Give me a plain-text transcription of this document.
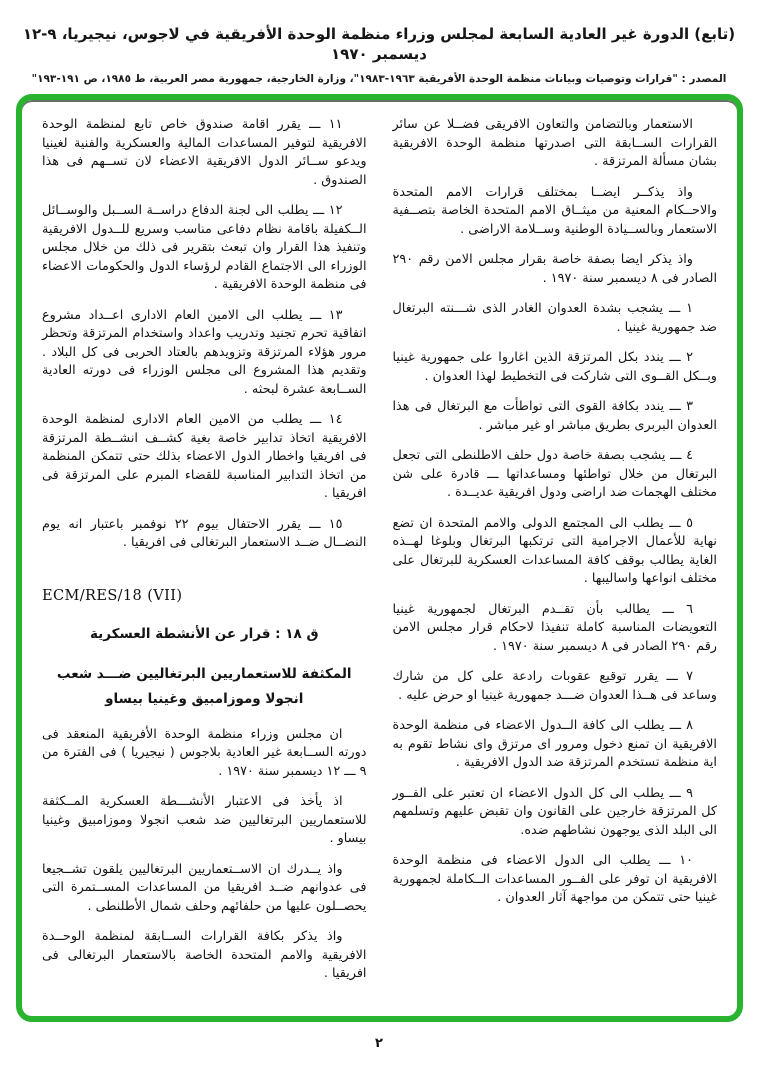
(تابع) الدورة غير العادية السابعة لمجلس وزراء منظمة الوحدة الأفريقية في لاجوس، نيجيريا، ٩-١٢ ديسمبر ١٩٧٠
المصدر : "قرارات وتوصيات وبيانات منظمة الوحدة الأفريقية ١٩٦٣-١٩٨٣"، وزارة الخارجية، جمهورية مصر العربية، ط ١٩٨٥، ص ١٩١-١٩٣"

الاستعمار وبالتضامن والتعاون الافريقى فضــلا عن سائر القرارات الســابقة التى اصدرتها منظمة الوحدة الافريقية بشان مسألة المرتزقة .

واذ يذكــر ايضــا بمختلف قرارات الامم المتحدة والاحــكام المعنية من ميثــاق الامم المتحدة الخاصة بتصــفية الاستعمار وبالســيادة الوطنية وســلامة الاراضى .

واذ يذكر ايضا بصفة خاصة بقرار مجلس الامن رقم ٢٩٠ الصادر فى ٨ ديسمبر سنة ١٩٧٠ .

١ ـــ يشجب بشدة العدوان الغادر الذى شـــنته البرتغال ضد جمهورية غينيا .

٢ ـــ يندد بكل المرتزقة الذين اغاروا على جمهورية غينيا وبــكل القــوى التى شاركت فى التخطيط لهذا العدوان .

٣ ـــ يندد بكافة القوى التى تواطأت مع البرتغال فى هذا العدوان البربرى بطريق مباشر او غير مباشر .

٤ ـــ يشجب بصفة خاصة دول حلف الاطلنطى التى تجعل البرتغال من خلال تواطئها ومساعداتها ـــ قادرة على شن مختلف الهجمات ضد اراضى ودول افريقية عديــدة .

٥ ـــ يطلب الى المجتمع الدولى والامم المتحدة ان تضع نهاية للأعمال الاجرامية التى ترتكبها البرتغال وبلوغا لهــذه الغاية يطالب بوقف كافة المساعدات العسكرية للبرتغال على مختلف انواعها واساليبها .

٦ ـــ يطالب بأن تقــدم البرتغال لجمهورية غينيا التعويضات المناسبة كاملة تنفيذا لاحكام قرار مجلس الامن رقم ٢٩٠ الصادر فى ٨ ديسمبر سنة ١٩٧٠ .

٧ ـــ يقرر توقيع عقوبات رادعة على كل من شارك وساعد فى هــذا العدوان ضـــد جمهورية غينيا او حرض عليه .

٨ ـــ يطلب الى كافة الــدول الاعضاء فى منظمة الوحدة الافريقية ان تمنع دخول ومرور اى مرتزق واى نشاط تقوم به اية منظمة تستخدم المرتزقة ضد الدول الافريقية .

٩ ـــ يطلب الى كل الدول الاعضاء ان تعتبر على الفــور كل المرتزقة خارجين على القانون وان تقبض عليهم وتسلمهم الى البلد الذى يوجهون نشاطهم ضده.

١٠ ـــ يطلب الى الدول الاعضاء فى منظمة الوحدة الافريقية ان توفر على الفــور المساعدات الــكاملة لجمهورية غينيا حتى تتمكن من مواجهة آثار العدوان .

١١ ـــ يقرر اقامة صندوق خاص تابع لمنظمة الوحدة الافريقية لتوفير المساعدات المالية والعسكرية والفنية لغينيا ويدعو ســائر الدول الافريقية الاعضاء لان تســهم فى هذا الصندوق .

١٢ ـــ يطلب الى لجنة الدفاع دراســة الســبل والوســائل الــكفيلة باقامة نظام دفاعى مناسب وسريع للــدول الافريقية وتنفيذ هذا القرار وان تبعث بتقرير فى ذلك من خلال مجلس الوزراء الى الاجتماع القادم لرؤساء الدول والحكومات الاعضاء فى منظمة الوحدة الافريقية .

١٣ ـــ يطلب الى الامين العام الادارى اعــداد مشروع اتفاقية تحرم تجنيد وتدريب واعداد واستخدام المرتزقة وتحظر مرور هؤلاء المرتزقة وتزويدهم بالعتاد الحربى فى كل البلاد . وتقديم هذا المشروع الى مجلس الوزراء فى دورته العادية الســابعة عشرة لبحثه .

١٤ ـــ يطلب من الامين العام الادارى لمنظمة الوحدة الافريقية اتخاذ تدابير خاصة بغية كشــف انشــطة المرتزقة فى افريقيا واخطار الدول الاعضاء بذلك حتى تتمكن المنظمة من اتخاذ التدابير المناسبة للقضاء المبرم على المرتزقة فى افريقيا .

١٥ ـــ يقرر الاحتفال بيوم ٢٢ نوفمبر باعتبار انه يوم النضــال ضــد الاستعمار البرتغالى فى افريقيا .

ECM/RES/18 (VII)

ق ١٨ : قرار عن الأنشطة العسكرية

المكثفة للاستعماريين البرتغاليين ضـــد شعب انجولا وموزامبيق وغينيا بيساو

ان مجلس وزراء منظمة الوحدة الأفريقية المنعقد فى دورته الســابعة غير العادية بلاجوس ( نيجيريا ) فى الفترة من ٩ ـــ ١٢ ديسمبر سنة ١٩٧٠ .

اذ يأخذ فى الاعتبار الأنشـــطة العسكرية المــكثفة للاستعماريين البرتغاليين ضد شعب انجولا وموزامبيق وغينيا بيساو .

واذ يــدرك ان الاســتعماريين البرتغاليين يلقون تشــجيعا فى عدوانهم ضــد افريقيا من المساعدات المســتمرة التى يحصــلون عليها من حلفائهم وحلف شمال الأطلنطى .

واذ يذكر بكافة القرارات الســابقة لمنظمة الوحــدة الافريقية والامم المتحدة الخاصة بالاستعمار البرتغالى فى افريقيا .

٢
